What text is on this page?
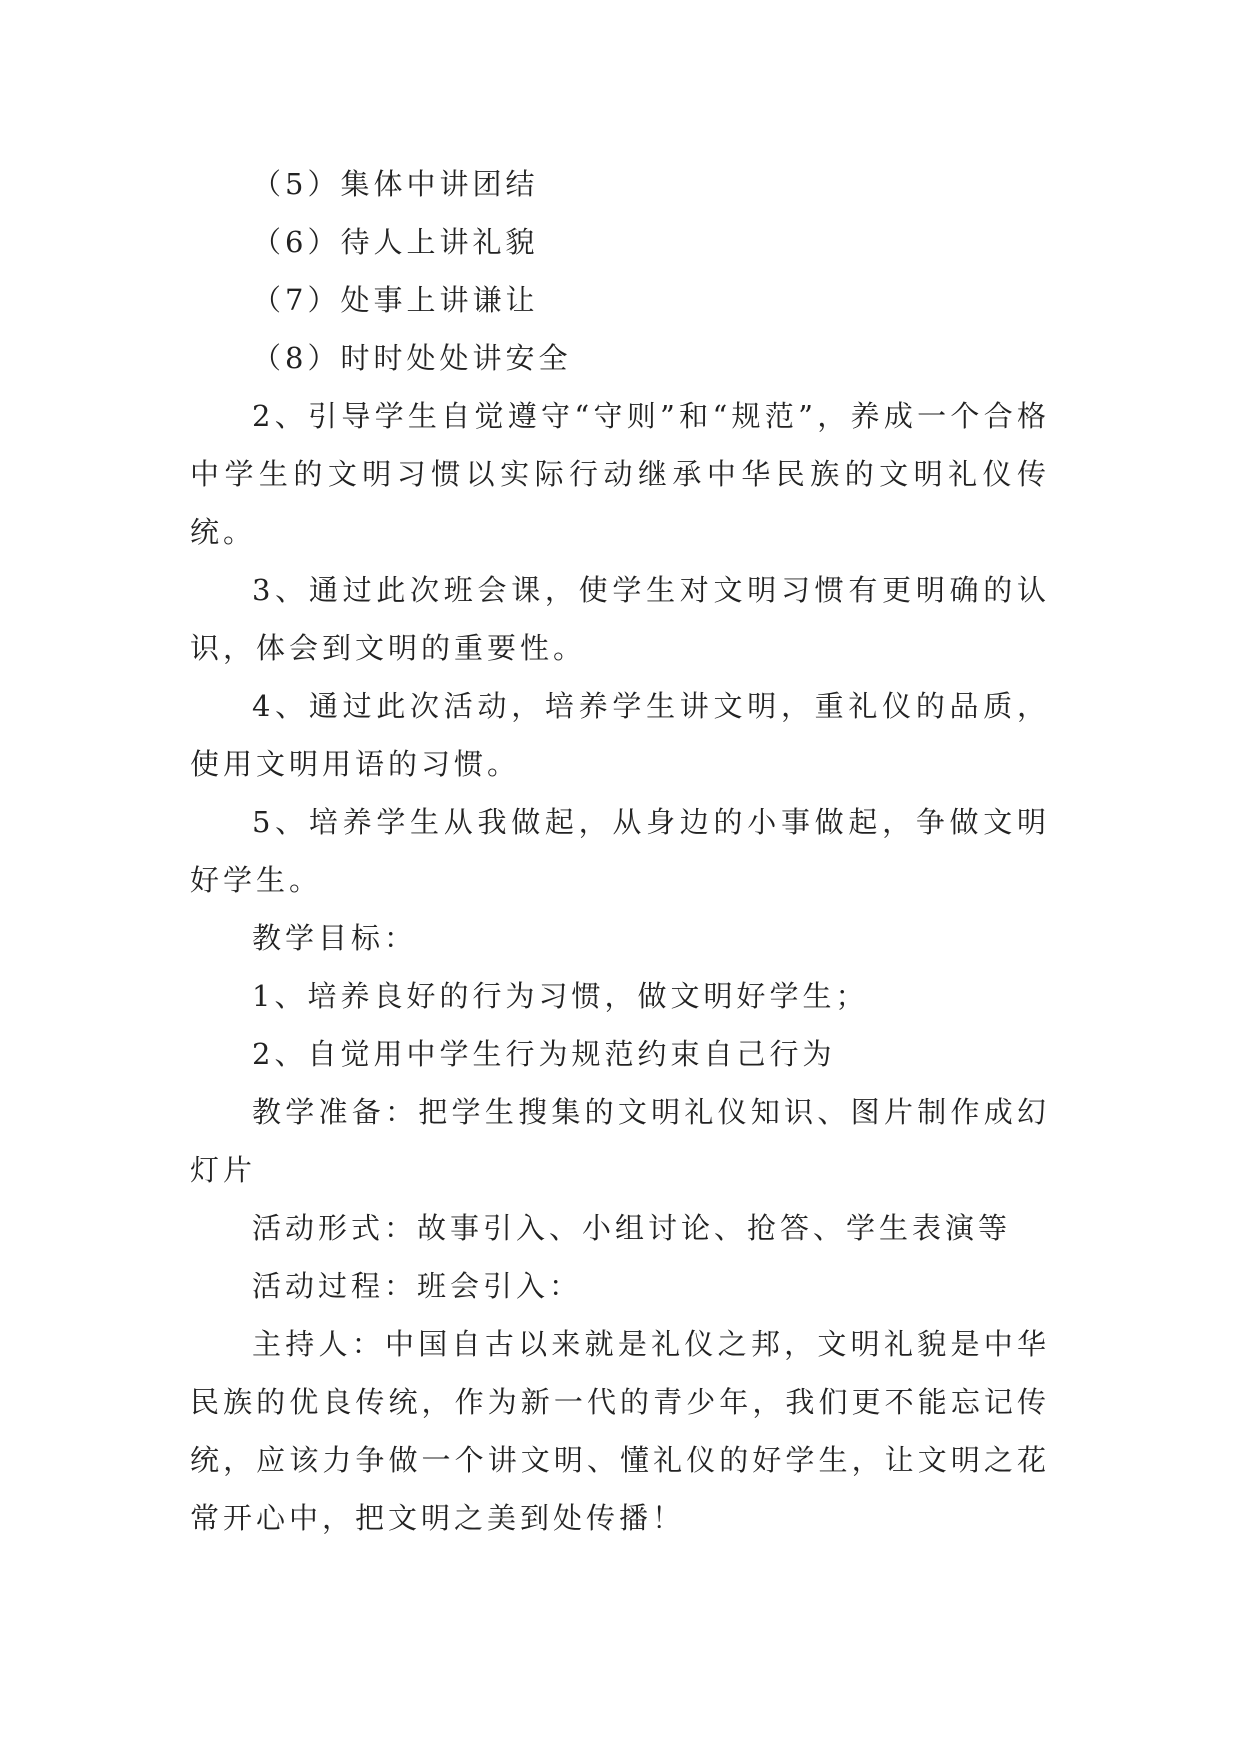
（5）集体中讲团结

（6）待人上讲礼貌

（7）处事上讲谦让

（8）时时处处讲安全

2、引导学生自觉遵守“守则”和“规范”，养成一个合格中学生的文明习惯以实际行动继承中华民族的文明礼仪传统。

3、通过此次班会课，使学生对文明习惯有更明确的认识，体会到文明的重要性。

4、通过此次活动，培养学生讲文明，重礼仪的品质，使用文明用语的习惯。

5、培养学生从我做起，从身边的小事做起，争做文明好学生。

教学目标：

1、培养良好的行为习惯，做文明好学生；

2、自觉用中学生行为规范约束自己行为

教学准备：把学生搜集的文明礼仪知识、图片制作成幻灯片

活动形式：故事引入、小组讨论、抢答、学生表演等

活动过程：班会引入：

主持人：中国自古以来就是礼仪之邦，文明礼貌是中华民族的优良传统，作为新一代的青少年，我们更不能忘记传统，应该力争做一个讲文明、懂礼仪的好学生，让文明之花常开心中，把文明之美到处传播！
